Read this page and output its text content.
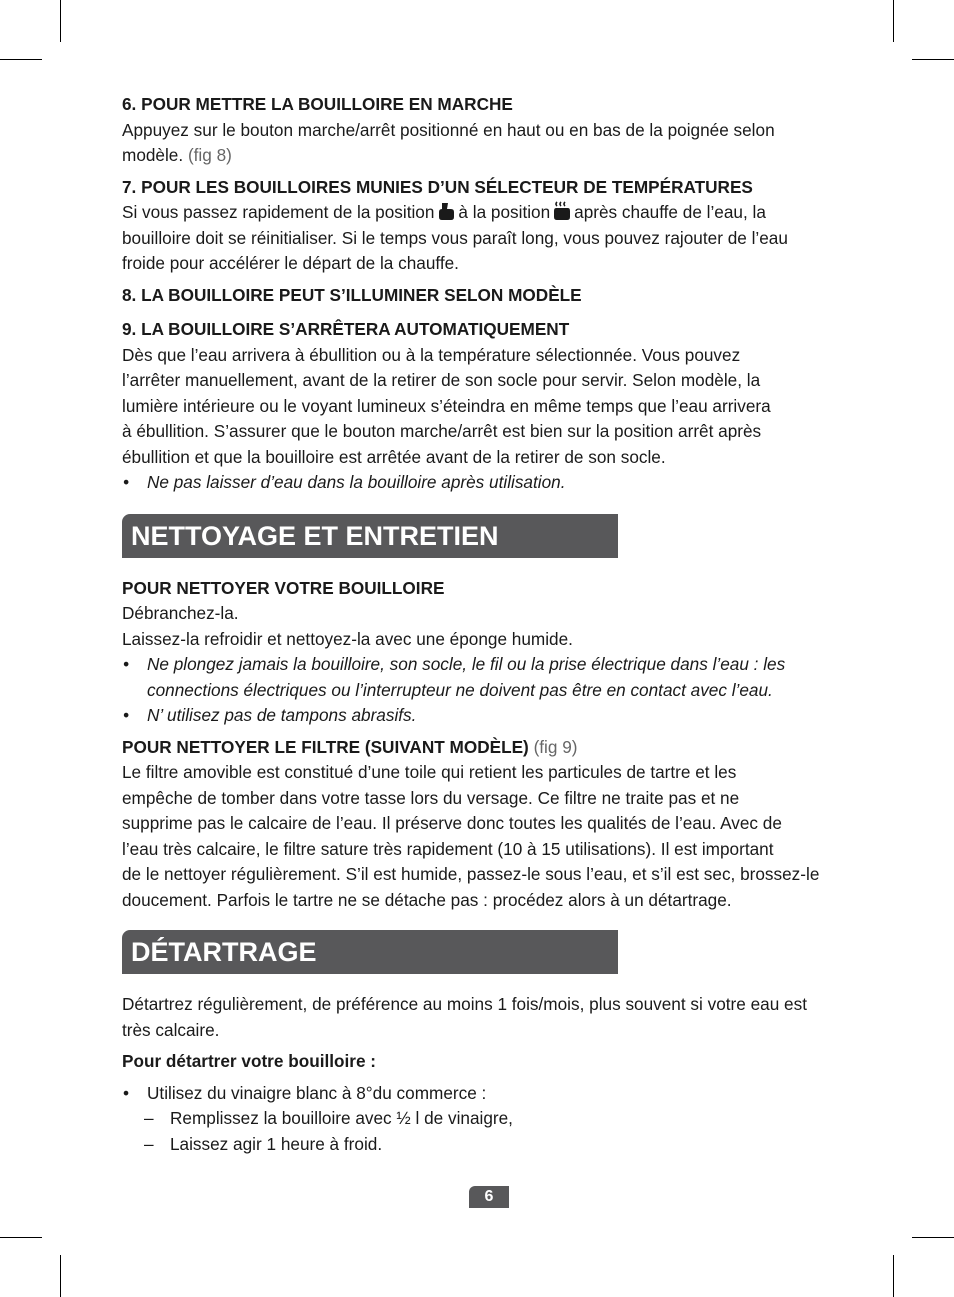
6. POUR METTRE LA BOUILLOIRE EN MARCHE

Appuyez sur le bouton marche/arrêt positionné en haut ou en bas de la poignée selon

modèle. (fig 8)

7. POUR LES BOUILLOIRES MUNIES D’UN SÉLECTEUR DE TEMPÉRATURES

Si vous passez rapidement de la position à la position après chauffe de l’eau, la

bouilloire doit se réinitialiser. Si le temps vous paraît long, vous pouvez rajouter de l’eau

froide pour accélérer le départ de la chauffe.

8. LA BOUILLOIRE PEUT S’ILLUMINER SELON MODÈLE

9. LA BOUILLOIRE S’ARRÊTERA AUTOMATIQUEMENT

Dès que l’eau arrivera à ébullition ou à la température sélectionnée. Vous pouvez

l’arrêter manuellement, avant de la retirer de son socle pour servir. Selon modèle, la

lumière intérieure ou le voyant lumineux s’éteindra en même temps que l’eau arrivera

à ébullition. S’assurer que le bouton marche/arrêt est bien sur la position arrêt après

ébullition et que la bouilloire est arrêtée avant de la retirer de son socle.

• Ne pas laisser d’eau dans la bouilloire après utilisation.

NETTOYAGE ET ENTRETIEN

POUR NETTOYER VOTRE BOUILLOIRE

Débranchez-la.

Laissez-la refroidir et nettoyez-la avec une éponge humide.

• Ne plongez jamais la bouilloire, son socle, le fil ou la prise électrique dans l’eau : les
connections électriques ou l’interrupteur ne doivent pas être en contact avec l’eau.

• N’ utilisez pas de tampons abrasifs.

POUR NETTOYER LE FILTRE (SUIVANT MODÈLE) (fig 9)

Le filtre amovible est constitué d’une toile qui retient les particules de tartre et les

empêche de tomber dans votre tasse lors du versage. Ce filtre ne traite pas et ne

supprime pas le calcaire de l’eau. Il préserve donc toutes les qualités de l’eau. Avec de

l’eau très calcaire, le filtre sature très rapidement (10 à 15 utilisations). Il est important

de le nettoyer régulièrement. S’il est humide, passez-le sous l’eau, et s’il est sec, brossez-le

doucement. Parfois le tartre ne se détache pas : procédez alors à un détartrage.

DÉTARTRAGE

Détartrez régulièrement, de préférence au moins 1 fois/mois, plus souvent si votre eau est

très calcaire.

Pour détartrer votre bouilloire :

• Utilisez du vinaigre blanc à 8°du commerce :

– Remplissez la bouilloire avec ½ l de vinaigre,

– Laissez agir 1 heure à froid.

6
